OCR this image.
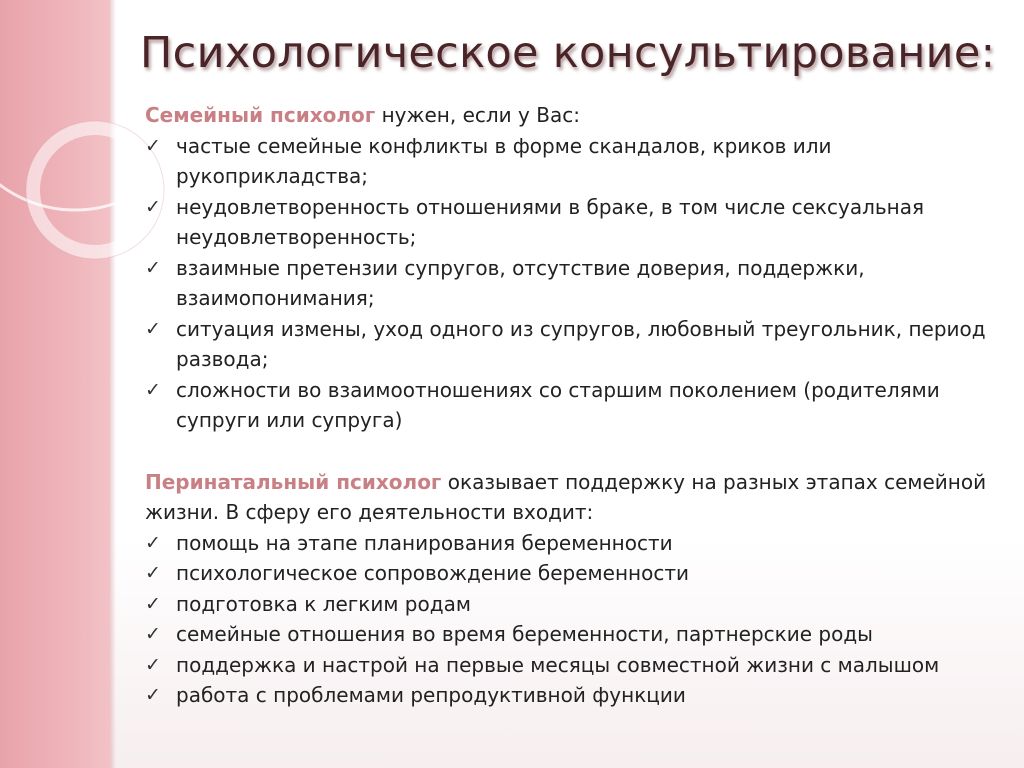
Психологическое консультирование:

Семейный психолог нужен, если у Вас:

✓ частые семейные конфликты в форме скандалов, криков или рукоприкладства;
✓ неудовлетворенность отношениями в браке, в том числе сексуальная неудовлетворенность;
✓ взаимные претензии супругов, отсутствие доверия, поддержки, взаимопонимания;
✓ ситуация измены, уход одного из супругов, любовный треугольник, период развода;
✓ сложности во взаимоотношениях со старшим поколением (родителями супруги или супруга)

Перинатальный психолог оказывает поддержку на разных этапах семейной жизни. В сферу его деятельности входит:

✓ помощь на этапе планирования беременности
✓ психологическое сопровождение беременности
✓ подготовка к легким родам
✓ семейные отношения во время беременности, партнерские роды
✓ поддержка и настрой на первые месяцы совместной жизни с малышом
✓ работа с проблемами репродуктивной функции
